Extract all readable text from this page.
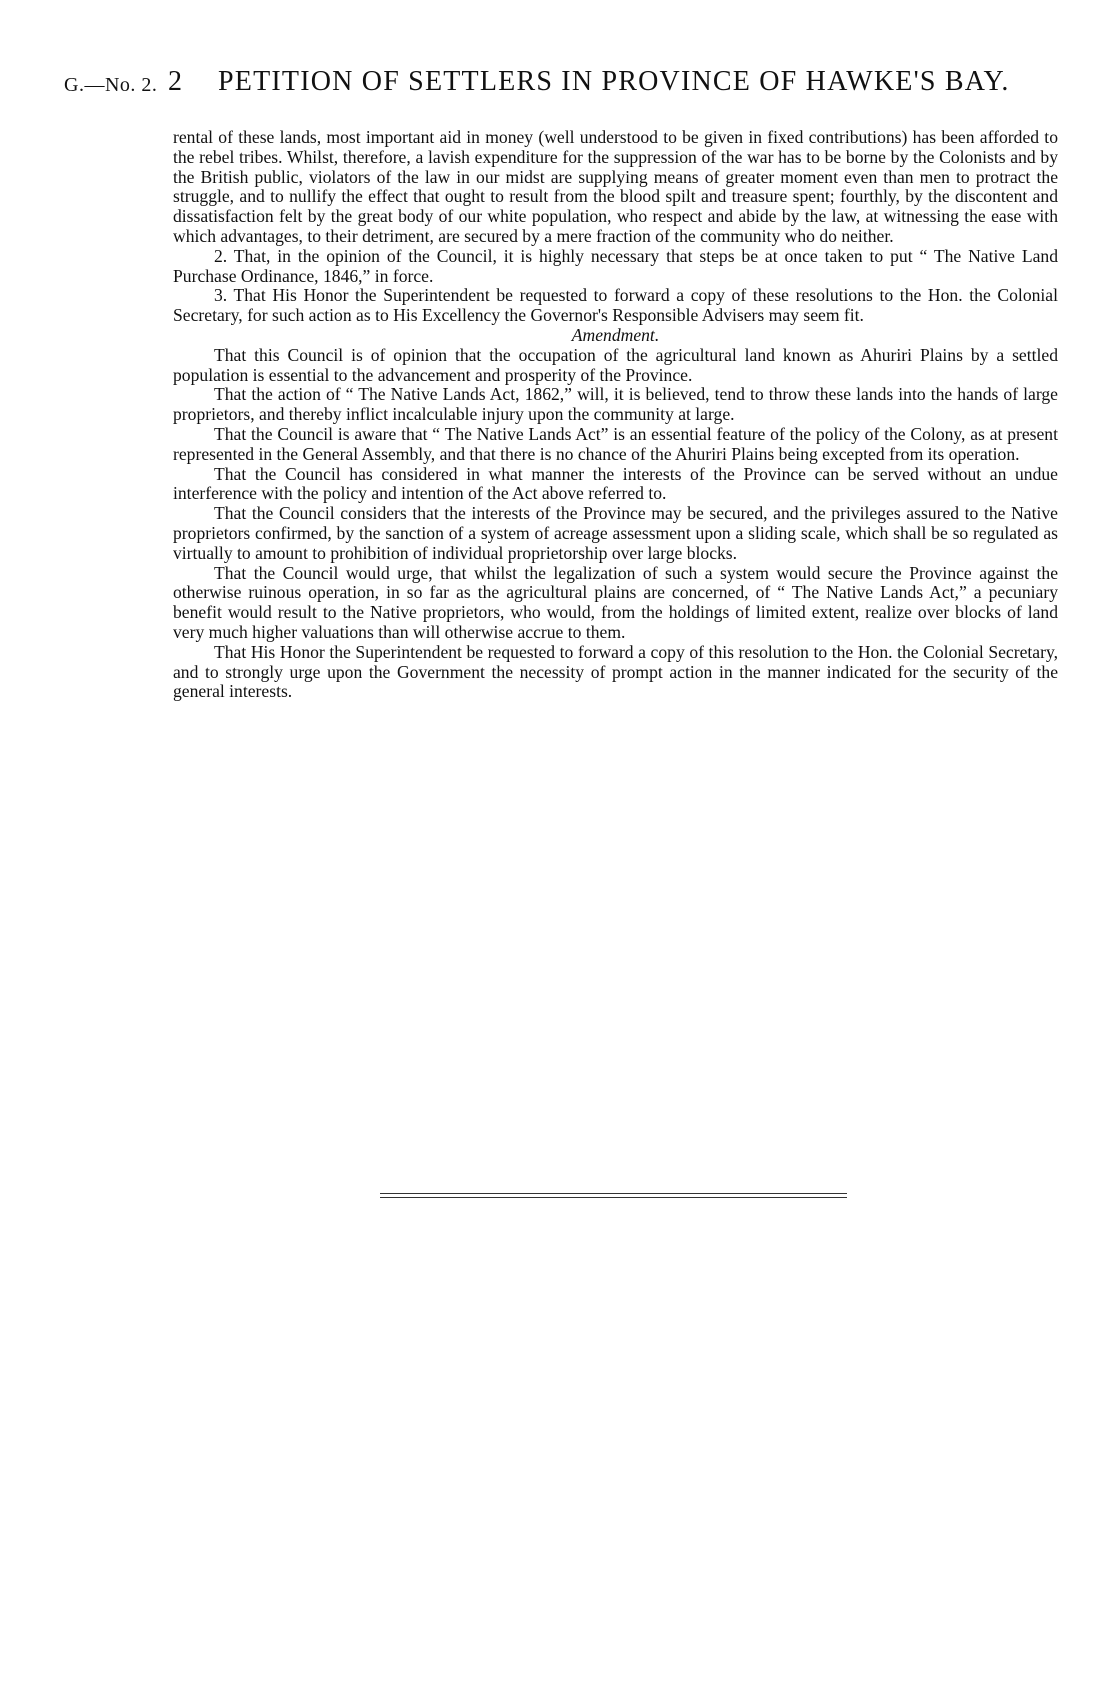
G.—No. 2. 2 PETITION OF SETTLERS IN PROVINCE OF HAWKE'S BAY.

rental of these lands, most important aid in money (well understood to be given in fixed contributions) has been afforded to the rebel tribes. Whilst, therefore, a lavish expenditure for the suppression of the war has to be borne by the Colonists and by the British public, violators of the law in our midst are supplying means of greater moment even than men to protract the struggle, and to nullify the effect that ought to result from the blood spilt and treasure spent; fourthly, by the discontent and dissatisfaction felt by the great body of our white population, who respect and abide by the law, at witnessing the ease with which advantages, to their detriment, are secured by a mere fraction of the community who do neither.

2. That, in the opinion of the Council, it is highly necessary that steps be at once taken to put “ The Native Land Purchase Ordinance, 1846,” in force.

3. That His Honor the Superintendent be requested to forward a copy of these resolutions to the Hon. the Colonial Secretary, for such action as to His Excellency the Governor's Responsible Advisers may seem fit.

Amendment.

That this Council is of opinion that the occupation of the agricultural land known as Ahuriri Plains by a settled population is essential to the advancement and prosperity of the Province.

That the action of “ The Native Lands Act, 1862,” will, it is believed, tend to throw these lands into the hands of large proprietors, and thereby inflict incalculable injury upon the community at large.

That the Council is aware that “ The Native Lands Act” is an essential feature of the policy of the Colony, as at present represented in the General Assembly, and that there is no chance of the Ahuriri Plains being excepted from its operation.

That the Council has considered in what manner the interests of the Province can be served without an undue interference with the policy and intention of the Act above referred to.

That the Council considers that the interests of the Province may be secured, and the privileges assured to the Native proprietors confirmed, by the sanction of a system of acreage assessment upon a sliding scale, which shall be so regulated as virtually to amount to prohibition of individual proprietorship over large blocks.

That the Council would urge, that whilst the legalization of such a system would secure the Province against the otherwise ruinous operation, in so far as the agricultural plains are concerned, of “ The Native Lands Act,” a pecuniary benefit would result to the Native proprietors, who would, from the holdings of limited extent, realize over blocks of land very much higher valuations than will otherwise accrue to them.

That His Honor the Superintendent be requested to forward a copy of this resolution to the Hon. the Colonial Secretary, and to strongly urge upon the Government the necessity of prompt action in the manner indicated for the security of the general interests.
